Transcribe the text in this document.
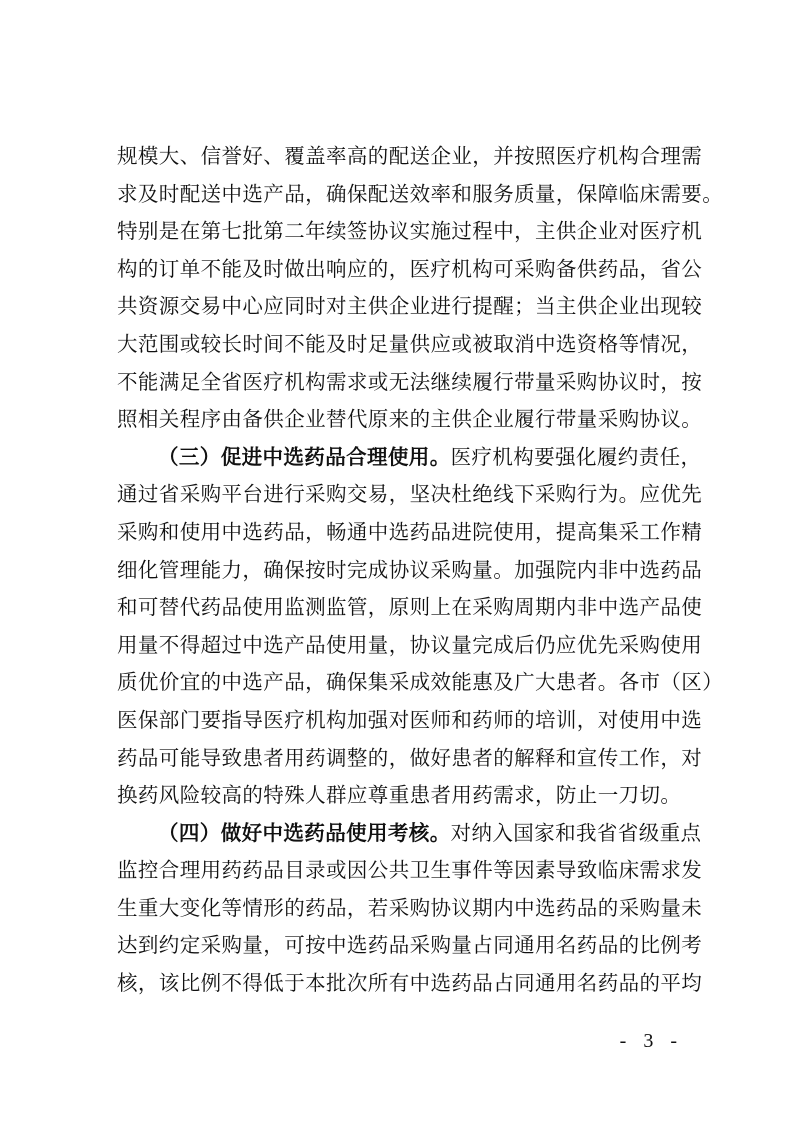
规模大、信誉好、覆盖率高的配送企业，并按照医疗机构合理需
求及时配送中选产品，确保配送效率和服务质量，保障临床需要。
特别是在第七批第二年续签协议实施过程中，主供企业对医疗机
构的订单不能及时做出响应的，医疗机构可采购备供药品，省公
共资源交易中心应同时对主供企业进行提醒；当主供企业出现较
大范围或较长时间不能及时足量供应或被取消中选资格等情况，
不能满足全省医疗机构需求或无法继续履行带量采购协议时，按
照相关程序由备供企业替代原来的主供企业履行带量采购协议。
（三）促进中选药品合理使用。医疗机构要强化履约责任，
通过省采购平台进行采购交易，坚决杜绝线下采购行为。应优先
采购和使用中选药品，畅通中选药品进院使用，提高集采工作精
细化管理能力，确保按时完成协议采购量。加强院内非中选药品
和可替代药品使用监测监管，原则上在采购周期内非中选产品使
用量不得超过中选产品使用量，协议量完成后仍应优先采购使用
质优价宜的中选产品，确保集采成效能惠及广大患者。各市（区）
医保部门要指导医疗机构加强对医师和药师的培训，对使用中选
药品可能导致患者用药调整的，做好患者的解释和宣传工作，对
换药风险较高的特殊人群应尊重患者用药需求，防止一刀切。
（四）做好中选药品使用考核。对纳入国家和我省省级重点
监控合理用药药品目录或因公共卫生事件等因素导致临床需求发
生重大变化等情形的药品，若采购协议期内中选药品的采购量未
达到约定采购量，可按中选药品采购量占同通用名药品的比例考
核，该比例不得低于本批次所有中选药品占同通用名药品的平均
- 3 -
